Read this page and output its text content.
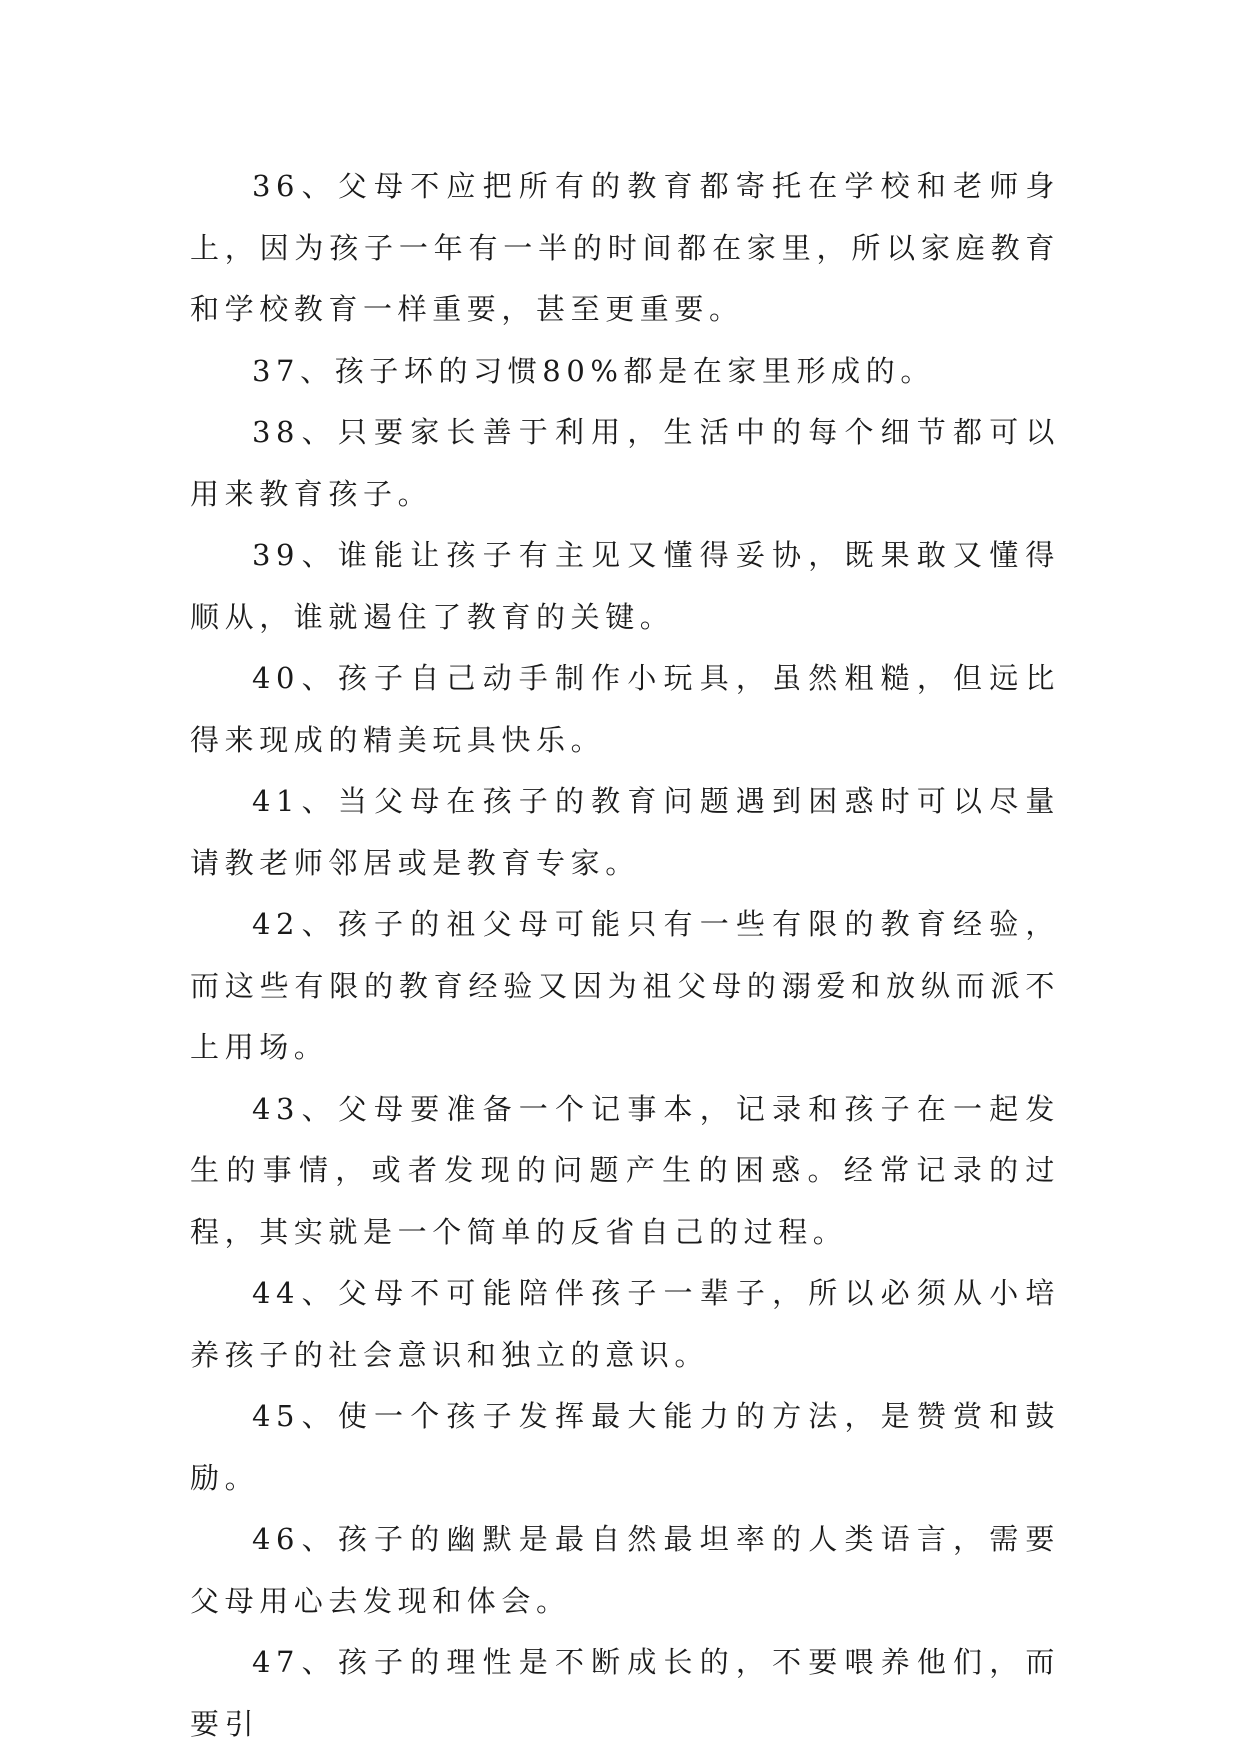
36、父母不应把所有的教育都寄托在学校和老师身上，因为孩子一年有一半的时间都在家里，所以家庭教育和学校教育一样重要，甚至更重要。

37、孩子坏的习惯80%都是在家里形成的。

38、只要家长善于利用，生活中的每个细节都可以用来教育孩子。

39、谁能让孩子有主见又懂得妥协，既果敢又懂得顺从，谁就遏住了教育的关键。

40、孩子自己动手制作小玩具，虽然粗糙，但远比得来现成的精美玩具快乐。

41、当父母在孩子的教育问题遇到困惑时可以尽量请教老师邻居或是教育专家。

42、孩子的祖父母可能只有一些有限的教育经验，而这些有限的教育经验又因为祖父母的溺爱和放纵而派不上用场。

43、父母要准备一个记事本，记录和孩子在一起发生的事情，或者发现的问题产生的困惑。经常记录的过程，其实就是一个简单的反省自己的过程。

44、父母不可能陪伴孩子一辈子，所以必须从小培养孩子的社会意识和独立的意识。

45、使一个孩子发挥最大能力的方法，是赞赏和鼓励。

46、孩子的幽默是最自然最坦率的人类语言，需要父母用心去发现和体会。

47、孩子的理性是不断成长的，不要喂养他们，而要引
